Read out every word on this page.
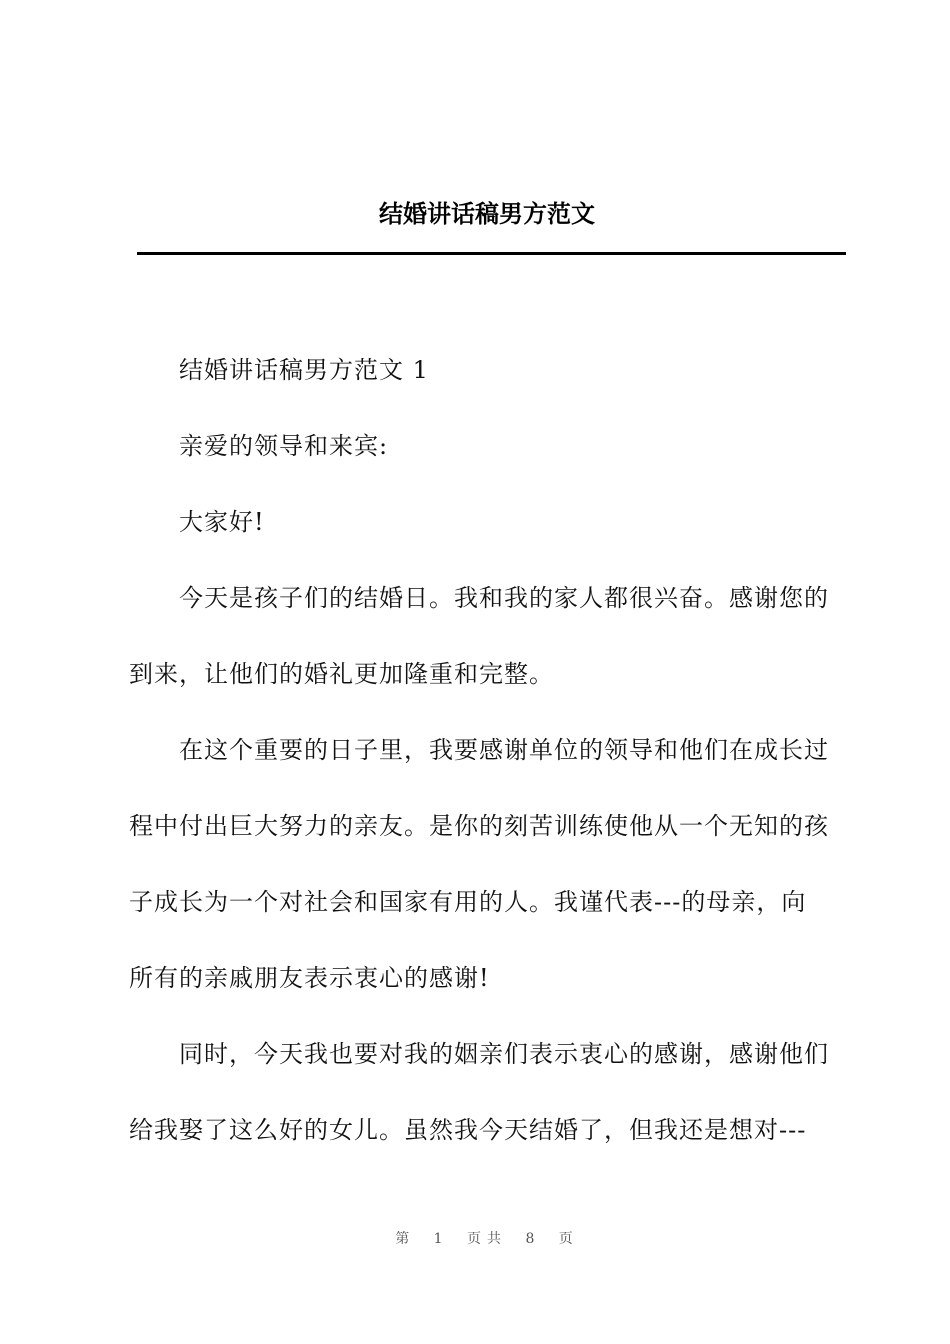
结婚讲话稿男方范文
结婚讲话稿男方范文 1
亲爱的领导和来宾:
大家好!
今天是孩子们的结婚日。我和我的家人都很兴奋。感谢您的
到来，让他们的婚礼更加隆重和完整。
在这个重要的日子里，我要感谢单位的领导和他们在成长过
程中付出巨大努力的亲友。是你的刻苦训练使他从一个无知的孩
子成长为一个对社会和国家有用的人。我谨代表---的母亲，向
所有的亲戚朋友表示衷心的感谢!
同时，今天我也要对我的姻亲们表示衷心的感谢，感谢他们
给我娶了这么好的女儿。虽然我今天结婚了，但我还是想对---
第 1 页共 8 页
